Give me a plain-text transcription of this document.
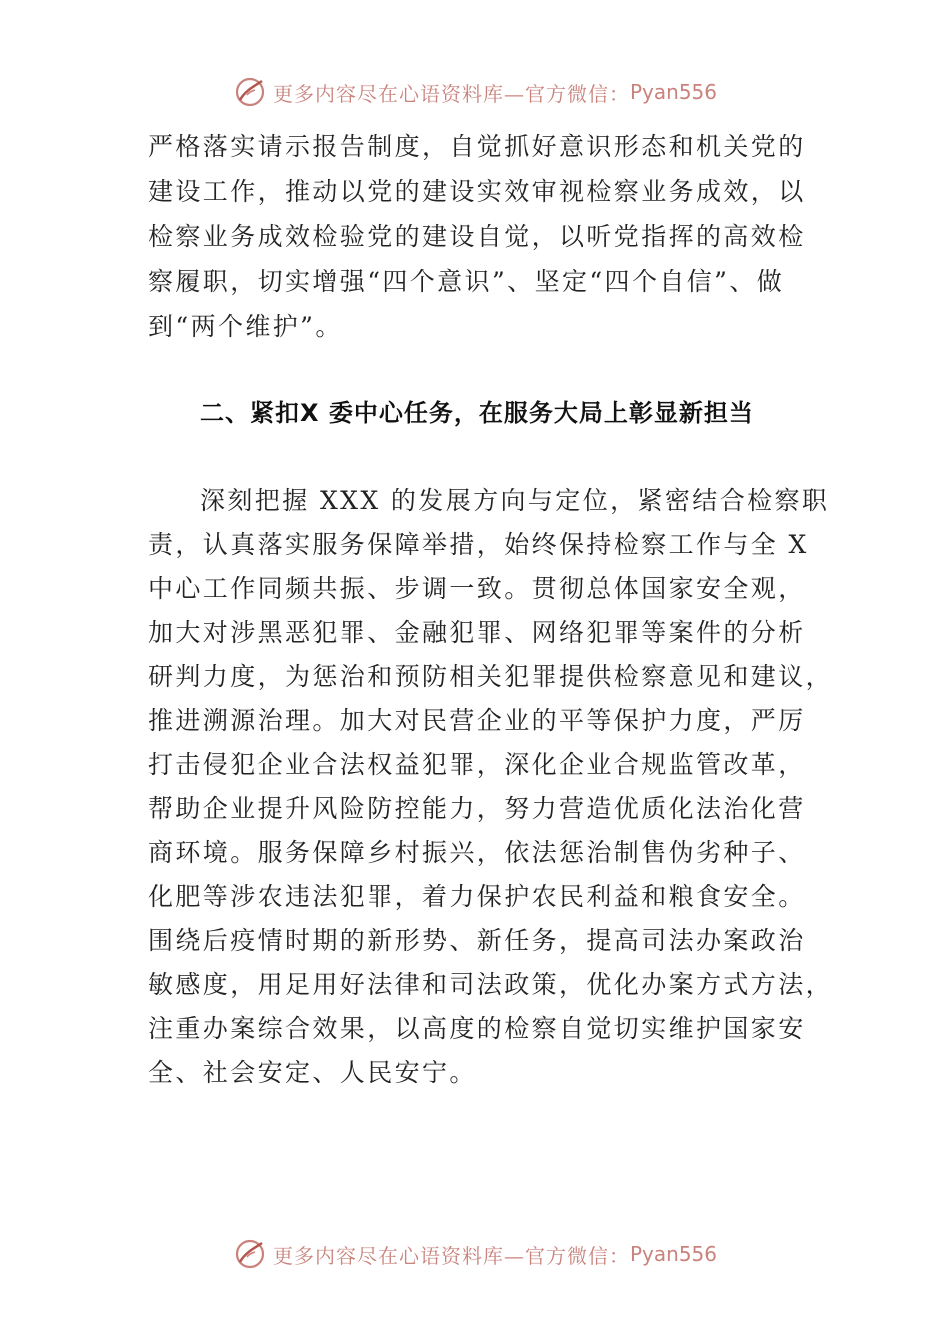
更多内容尽在心语资料库—官方微信： Pyan556
严格落实请示报告制度，自觉抓好意识形态和机关党的
建设工作，推动以党的建设实效审视检察业务成效，以
检察业务成效检验党的建设自觉，以听党指挥的高效检
察履职，切实增强“四个意识”、坚定“四个自信”、做
到“两个维护”。
二、紧扣X 委中心任务，在服务大局上彰显新担当
深刻把握 XXX 的发展方向与定位，紧密结合检察职
责，认真落实服务保障举措，始终保持检察工作与全 X
中心工作同频共振、步调一致。贯彻总体国家安全观，
加大对涉黑恶犯罪、金融犯罪、网络犯罪等案件的分析
研判力度，为惩治和预防相关犯罪提供检察意见和建议，
推进溯源治理。加大对民营企业的平等保护力度，严厉
打击侵犯企业合法权益犯罪，深化企业合规监管改革，
帮助企业提升风险防控能力，努力营造优质化法治化营
商环境。服务保障乡村振兴，依法惩治制售伪劣种子、
化肥等涉农违法犯罪，着力保护农民利益和粮食安全。
围绕后疫情时期的新形势、新任务，提高司法办案政治
敏感度，用足用好法律和司法政策，优化办案方式方法，
注重办案综合效果，以高度的检察自觉切实维护国家安
全、社会安定、人民安宁。
更多内容尽在心语资料库—官方微信： Pyan556
